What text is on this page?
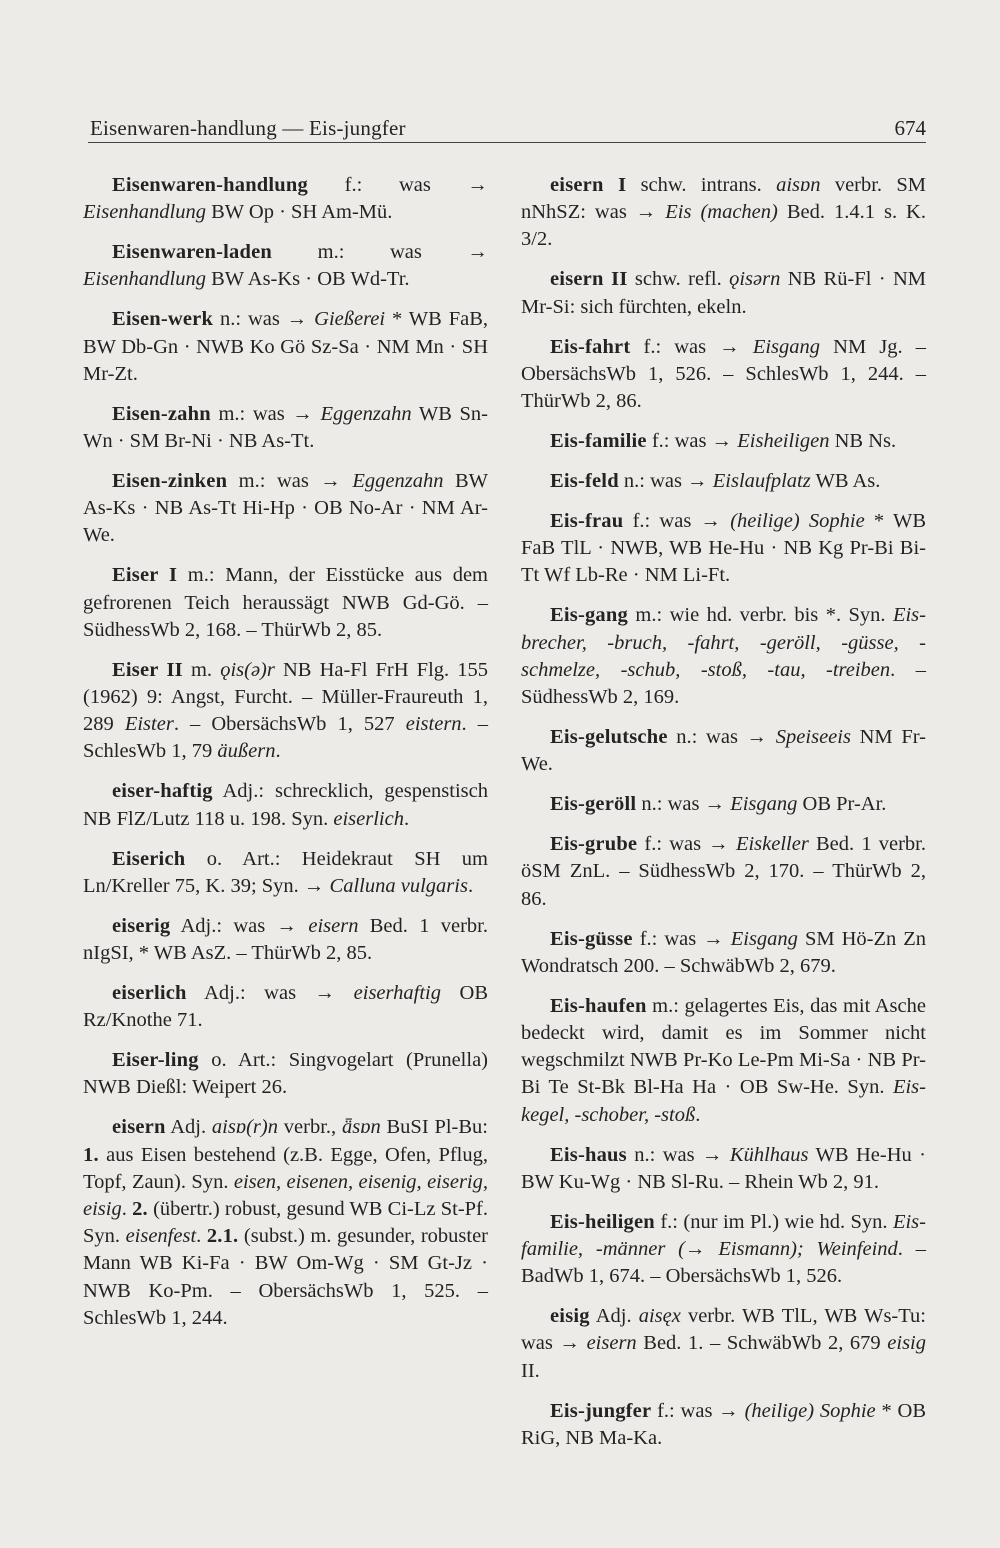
Eisenwaren-handlung — Eis-jungfer	674

Eisenwaren-handlung f.: was → Eisenhandlung BW Op · SH Am-Mü.

Eisenwaren-laden m.: was → Eisenhandlung BW As-Ks · OB Wd-Tr.

Eisen-werk n.: was → Gießerei * WB FaB, BW Db-Gn · NWB Ko Gö Sz-Sa · NM Mn · SH Mr-Zt.

Eisen-zahn m.: was → Eggenzahn WB Sn-Wn · SM Br-Ni · NB As-Tt.

Eisen-zinken m.: was → Eggenzahn BW As-Ks · NB As-Tt Hi-Hp · OB No-Ar · NM Ar-We.

Eiser I m.: Mann, der Eisstücke aus dem gefrorenen Teich heraussägt NWB Gd-Gö. – SüdhessWb 2, 168. – ThürWb 2, 85.

Eiser II m. ǫis(ə)r NB Ha-Fl FrH Flg. 155 (1962) 9: Angst, Furcht. – Müller-Fraureuth 1, 289 Eister. – ObersächsWb 1, 527 eistern. – SchlesWb 1, 79 äußern.

eiser-haftig Adj.: schrecklich, gespenstisch NB FlZ/Lutz 118 u. 198. Syn. eiserlich.

Eiserich o. Art.: Heidekraut SH um Ln/Kreller 75, K. 39; Syn. → Calluna vulgaris.

eiserig Adj.: was → eisern Bed. 1 verbr. nIgSI, * WB AsZ. – ThürWb 2, 85.

eiserlich Adj.: was → eiserhaftig OB Rz/Knothe 71.

Eiser-ling o. Art.: Singvogelart (Prunella) NWB Dießl: Weipert 26.

eisern Adj. aisɒ(r)n verbr., ǟsɒn BuSI Pl-Bu: 1. aus Eisen bestehend (z.B. Egge, Ofen, Pflug, Topf, Zaun). Syn. eisen, eisenen, eisenig, eiserig, eisig. 2. (übertr.) robust, gesund WB Ci-Lz St-Pf. Syn. eisenfest. 2.1. (subst.) m. gesunder, robuster Mann WB Ki-Fa · BW Om-Wg · SM Gt-Jz · NWB Ko-Pm. – ObersächsWb 1, 525. – SchlesWb 1, 244.

eisern I schw. intrans. aisɒn verbr. SM nNhSZ: was → Eis (machen) Bed. 1.4.1 s. K. 3/2.

eisern II schw. refl. ǫisərn NB Rü-Fl · NM Mr-Si: sich fürchten, ekeln.

Eis-fahrt f.: was → Eisgang NM Jg. – ObersächsWb 1, 526. – SchlesWb 1, 244. – ThürWb 2, 86.

Eis-familie f.: was → Eisheiligen NB Ns.

Eis-feld n.: was → Eislaufplatz WB As.

Eis-frau f.: was → (heilige) Sophie * WB FaB TlL · NWB, WB He-Hu · NB Kg Pr-Bi Bi-Tt Wf Lb-Re · NM Li-Ft.

Eis-gang m.: wie hd. verbr. bis *. Syn. Eis-brecher, -bruch, -fahrt, -geröll, -güsse, -schmelze, -schub, -stoß, -tau, -treiben. – SüdhessWb 2, 169.

Eis-gelutsche n.: was → Speiseeis NM Fr-We.

Eis-geröll n.: was → Eisgang OB Pr-Ar.

Eis-grube f.: was → Eiskeller Bed. 1 verbr. öSM ZnL. – SüdhessWb 2, 170. – ThürWb 2, 86.

Eis-güsse f.: was → Eisgang SM Hö-Zn Zn Wondratsch 200. – SchwäbWb 2, 679.

Eis-haufen m.: gelagertes Eis, das mit Asche bedeckt wird, damit es im Sommer nicht wegschmilzt NWB Pr-Ko Le-Pm Mi-Sa · NB Pr-Bi Te St-Bk Bl-Ha Ha · OB Sw-He. Syn. Eis-kegel, -schober, -stoß.

Eis-haus n.: was → Kühlhaus WB He-Hu · BW Ku-Wg · NB Sl-Ru. – Rhein Wb 2, 91.

Eis-heiligen f.: (nur im Pl.) wie hd. Syn. Eis-familie, -männer (→ Eismann); Weinfeind. – BadWb 1, 674. – ObersächsWb 1, 526.

eisig Adj. aisęx verbr. WB TlL, WB Ws-Tu: was → eisern Bed. 1. – SchwäbWb 2, 679 eisig II.

Eis-jungfer f.: was → (heilige) Sophie * OB RiG, NB Ma-Ka.
